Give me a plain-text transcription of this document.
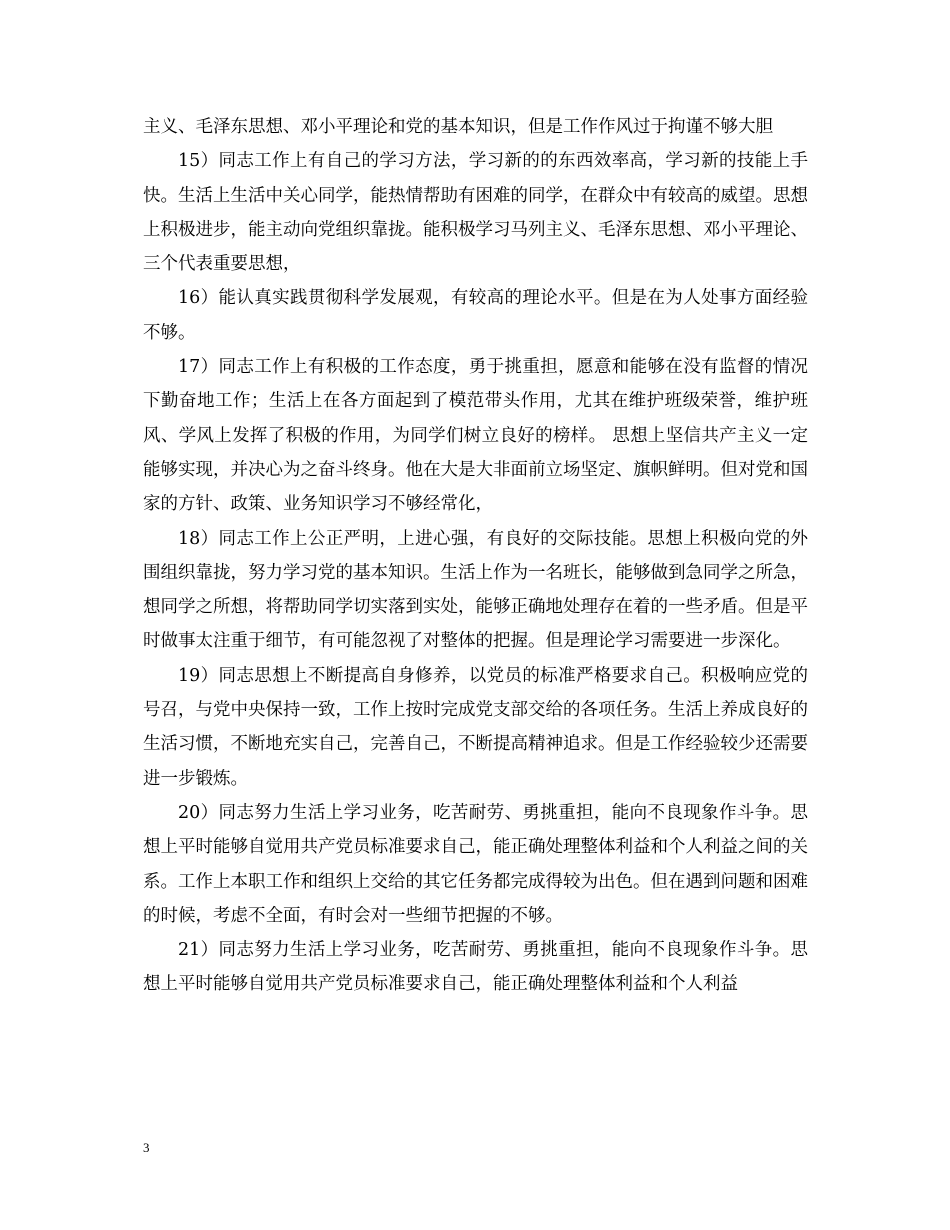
主义、毛泽东思想、邓小平理论和党的基本知识，但是工作作风过于拘谨不够大胆

15）同志工作上有自己的学习方法，学习新的的东西效率高，学习新的技能上手快。生活上生活中关心同学，能热情帮助有困难的同学，在群众中有较高的威望。思想上积极进步，能主动向党组织靠拢。能积极学习马列主义、毛泽东思想、邓小平理论、三个代表重要思想，

16）能认真实践贯彻科学发展观，有较高的理论水平。但是在为人处事方面经验不够。

17）同志工作上有积极的工作态度，勇于挑重担，愿意和能够在没有监督的情况下勤奋地工作；生活上在各方面起到了模范带头作用，尤其在维护班级荣誉，维护班风、学风上发挥了积极的作用，为同学们树立良好的榜样。 思想上坚信共产主义一定能够实现，并决心为之奋斗终身。他在大是大非面前立场坚定、旗帜鲜明。但对党和国家的方针、政策、业务知识学习不够经常化，

18）同志工作上公正严明，上进心强，有良好的交际技能。思想上积极向党的外围组织靠拢，努力学习党的基本知识。生活上作为一名班长，能够做到急同学之所急，想同学之所想，将帮助同学切实落到实处，能够正确地处理存在着的一些矛盾。但是平时做事太注重于细节，有可能忽视了对整体的把握。但是理论学习需要进一步深化。

19）同志思想上不断提高自身修养，以党员的标准严格要求自己。积极响应党的号召，与党中央保持一致，工作上按时完成党支部交给的各项任务。生活上养成良好的生活习惯，不断地充实自己，完善自己，不断提高精神追求。但是工作经验较少还需要进一步锻炼。

20）同志努力生活上学习业务，吃苦耐劳、勇挑重担，能向不良现象作斗争。思想上平时能够自觉用共产党员标准要求自己，能正确处理整体利益和个人利益之间的关系。工作上本职工作和组织上交给的其它任务都完成得较为出色。但在遇到问题和困难的时候，考虑不全面，有时会对一些细节把握的不够。

21）同志努力生活上学习业务，吃苦耐劳、勇挑重担，能向不良现象作斗争。思想上平时能够自觉用共产党员标准要求自己，能正确处理整体利益和个人利益

3
